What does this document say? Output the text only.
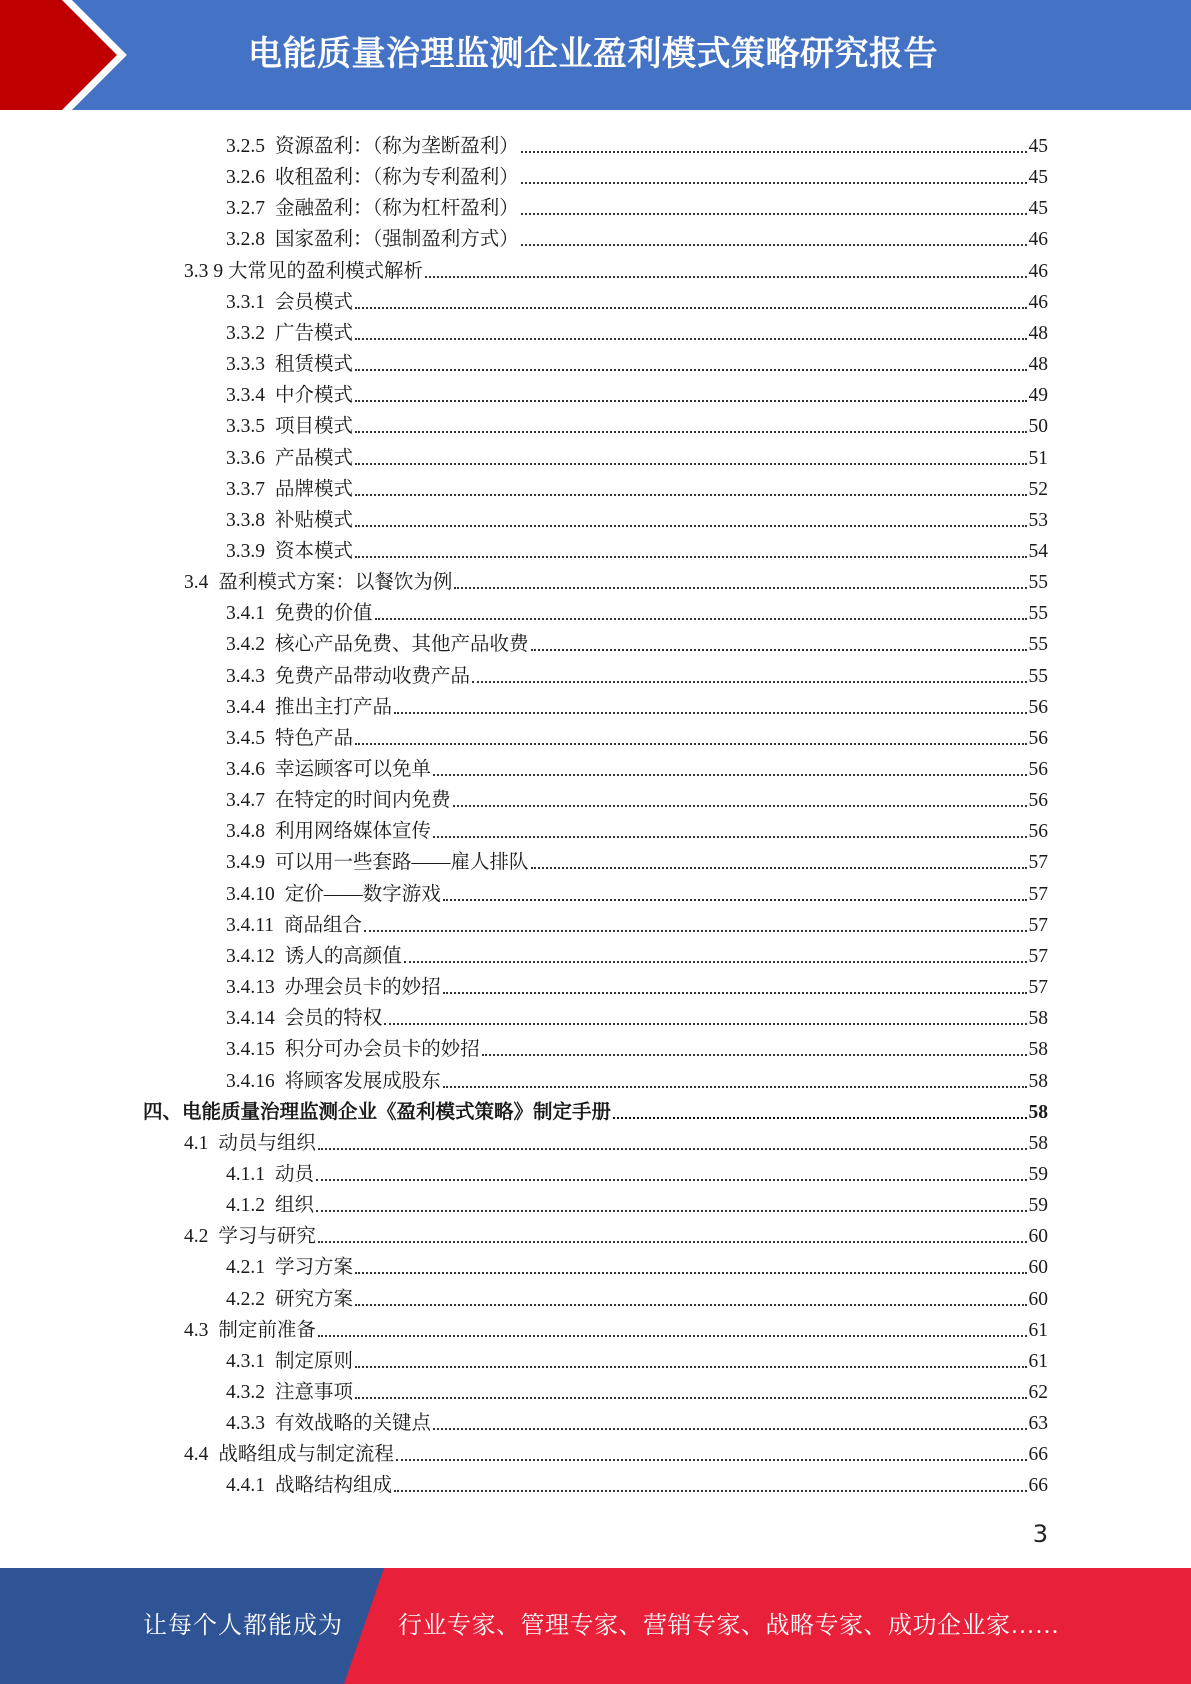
电能质量治理监测企业盈利模式策略研究报告
3.2.5 资源盈利：（称为垄断盈利）	45
3.2.6 收租盈利：（称为专利盈利）	45
3.2.7 金融盈利：（称为杠杆盈利）	45
3.2.8 国家盈利：（强制盈利方式）	46
3.3 9 大常见的盈利模式解析	46
3.3.1 会员模式	46
3.3.2 广告模式	48
3.3.3 租赁模式	48
3.3.4 中介模式	49
3.3.5 项目模式	50
3.3.6 产品模式	51
3.3.7 品牌模式	52
3.3.8 补贴模式	53
3.3.9 资本模式	54
3.4 盈利模式方案：以餐饮为例	55
3.4.1 免费的价值	55
3.4.2 核心产品免费、其他产品收费	55
3.4.3 免费产品带动收费产品	55
3.4.4 推出主打产品	56
3.4.5 特色产品	56
3.4.6 幸运顾客可以免单	56
3.4.7 在特定的时间内免费	56
3.4.8 利用网络媒体宣传	56
3.4.9 可以用一些套路——雇人排队	57
3.4.10 定价——数字游戏	57
3.4.11 商品组合	57
3.4.12 诱人的高颜值	57
3.4.13 办理会员卡的妙招	57
3.4.14 会员的特权	58
3.4.15 积分可办会员卡的妙招	58
3.4.16 将顾客发展成股东	58
四、 电能质量治理监测企业《盈利模式策略》制定手册	58
4.1 动员与组织	58
4.1.1 动员	59
4.1.2 组织	59
4.2 学习与研究	60
4.2.1 学习方案	60
4.2.2 研究方案	60
4.3 制定前准备	61
4.3.1 制定原则	61
4.3.2 注意事项	62
4.3.3 有效战略的关键点	63
4.4 战略组成与制定流程	66
4.4.1 战略结构组成	66
3
让每个人都能成为 行业专家、管理专家、营销专家、战略专家、成功企业家……
